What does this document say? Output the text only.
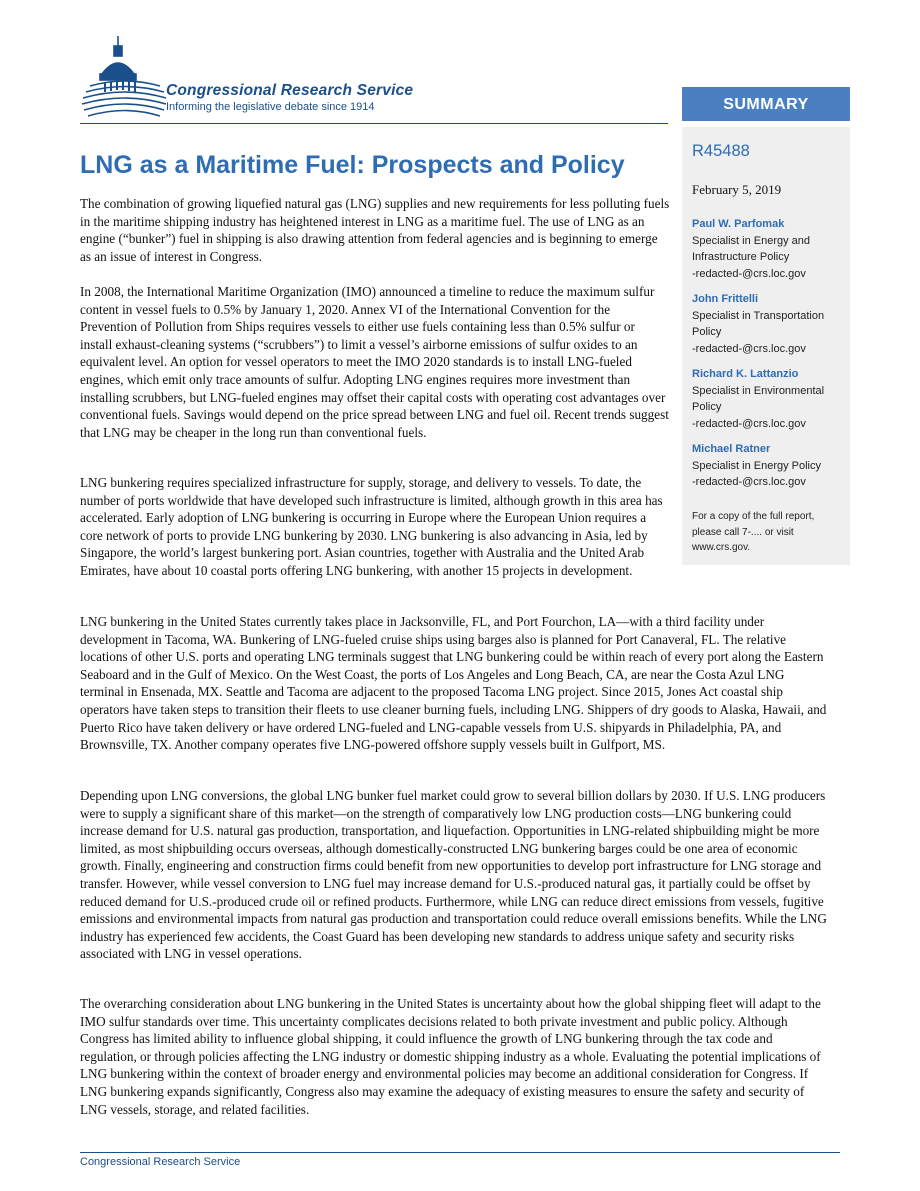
Congressional Research Service
Informing the legislative debate since 1914	SUMMARY
R45488
February 5, 2019
Paul W. Parfomak
Specialist in Energy and Infrastructure Policy
-redacted-@crs.loc.gov
John Frittelli
Specialist in Transportation Policy
-redacted-@crs.loc.gov
Richard K. Lattanzio
Specialist in Environmental Policy
-redacted-@crs.loc.gov
Michael Ratner
Specialist in Energy Policy
-redacted-@crs.loc.gov
For a copy of the full report, please call 7-.... or visit www.crs.gov.
LNG as a Maritime Fuel: Prospects and Policy

The combination of growing liquefied natural gas (LNG) supplies and new requirements for less polluting fuels in the maritime shipping industry has heightened interest in LNG as a maritime fuel. The use of LNG as an engine (“bunker”) fuel in shipping is also drawing attention from federal agencies and is beginning to emerge as an issue of interest in Congress.

In 2008, the International Maritime Organization (IMO) announced a timeline to reduce the maximum sulfur content in vessel fuels to 0.5% by January 1, 2020. Annex VI of the International Convention for the Prevention of Pollution from Ships requires vessels to either use fuels containing less than 0.5% sulfur or install exhaust-cleaning systems (“scrubbers”) to limit a vessel’s airborne emissions of sulfur oxides to an equivalent level. An option for vessel operators to meet the IMO 2020 standards is to install LNG-fueled engines, which emit only trace amounts of sulfur. Adopting LNG engines requires more investment than installing scrubbers, but LNG-fueled engines may offset their capital costs with operating cost advantages over conventional fuels. Savings would depend on the price spread between LNG and fuel oil. Recent trends suggest that LNG may be cheaper in the long run than conventional fuels.

LNG bunkering requires specialized infrastructure for supply, storage, and delivery to vessels. To date, the number of ports worldwide that have developed such infrastructure is limited, although growth in this area has accelerated. Early adoption of LNG bunkering is occurring in Europe where the European Union requires a core network of ports to provide LNG bunkering by 2030. LNG bunkering is also advancing in Asia, led by Singapore, the world’s largest bunkering port. Asian countries, together with Australia and the United Arab Emirates, have about 10 coastal ports offering LNG bunkering, with another 15 projects in development.

LNG bunkering in the United States currently takes place in Jacksonville, FL, and Port Fourchon, LA—with a third facility under development in Tacoma, WA. Bunkering of LNG-fueled cruise ships using barges also is planned for Port Canaveral, FL. The relative locations of other U.S. ports and operating LNG terminals suggest that LNG bunkering could be within reach of every port along the Eastern Seaboard and in the Gulf of Mexico. On the West Coast, the ports of Los Angeles and Long Beach, CA, are near the Costa Azul LNG terminal in Ensenada, MX. Seattle and Tacoma are adjacent to the proposed Tacoma LNG project. Since 2015, Jones Act coastal ship operators have taken steps to transition their fleets to use cleaner burning fuels, including LNG. Shippers of dry goods to Alaska, Hawaii, and Puerto Rico have taken delivery or have ordered LNG-fueled and LNG-capable vessels from U.S. shipyards in Philadelphia, PA, and Brownsville, TX. Another company operates five LNG-powered offshore supply vessels built in Gulfport, MS.

Depending upon LNG conversions, the global LNG bunker fuel market could grow to several billion dollars by 2030. If U.S. LNG producers were to supply a significant share of this market—on the strength of comparatively low LNG production costs—LNG bunkering could increase demand for U.S. natural gas production, transportation, and liquefaction. Opportunities in LNG-related shipbuilding might be more limited, as most shipbuilding occurs overseas, although domestically-constructed LNG bunkering barges could be one area of economic growth. Finally, engineering and construction firms could benefit from new opportunities to develop port infrastructure for LNG storage and transfer. However, while vessel conversion to LNG fuel may increase demand for U.S.-produced natural gas, it partially could be offset by reduced demand for U.S.-produced crude oil or refined products. Furthermore, while LNG can reduce direct emissions from vessels, fugitive emissions and environmental impacts from natural gas production and transportation could reduce overall emissions benefits. While the LNG industry has experienced few accidents, the Coast Guard has been developing new standards to address unique safety and security risks associated with LNG in vessel operations.

The overarching consideration about LNG bunkering in the United States is uncertainty about how the global shipping fleet will adapt to the IMO sulfur standards over time. This uncertainty complicates decisions related to both private investment and public policy. Although Congress has limited ability to influence global shipping, it could influence the growth of LNG bunkering through the tax code and regulation, or through policies affecting the LNG industry or domestic shipping industry as a whole. Evaluating the potential implications of LNG bunkering within the context of broader energy and environmental policies may become an additional consideration for Congress. If LNG bunkering expands significantly, Congress also may examine the adequacy of existing measures to ensure the safety and security of LNG vessels, storage, and related facilities.

Congressional Research Service
